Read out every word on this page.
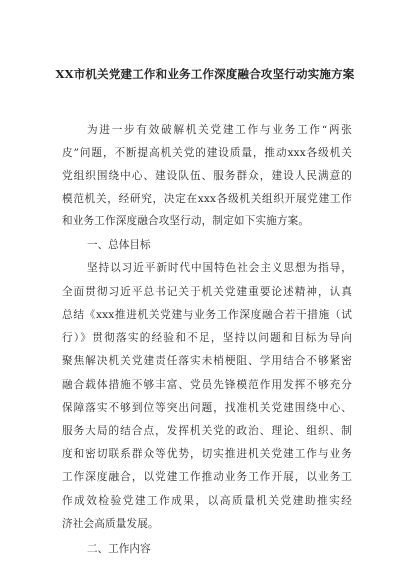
XX市机关党建工作和业务工作深度融合攻坚行动实施方案
为进一步有效破解机关党建工作与业务工作“两张
皮”问题，不断提高机关党的建设质量，推动xxx各级机关
党组织围绕中心、建设队伍、服务群众，建设人民满意的
模范机关，经研究，决定在xxx各级机关组织开展党建工作
和业务工作深度融合攻坚行动，制定如下实施方案。
一、总体目标
坚持以习近平新时代中国特色社会主义思想为指导，
全面贯彻习近平总书记关于机关党建重要论述精神，认真
总结《xxx推进机关党建与业务工作深度融合若干措施（试
行）》贯彻落实的经验和不足，坚持以问题和目标为导向
聚焦解决机关党建责任落实未梢梗阻、学用结合不够紧密
融合载体措施不够丰富、党员先锋模范作用发挥不够充分
保障落实不够到位等突出问题，找准机关党建围绕中心、
服务大局的结合点，发挥机关党的政治、理论、组织、制
度和密切联系群众等优势，切实推进机关党建工作与业务
工作深度融合，以党建工作推动业务工作开展，以业务工
作成效检验党建工作成果，以高质量机关党建助推实经
济社会高质量发展。
二、工作内容
